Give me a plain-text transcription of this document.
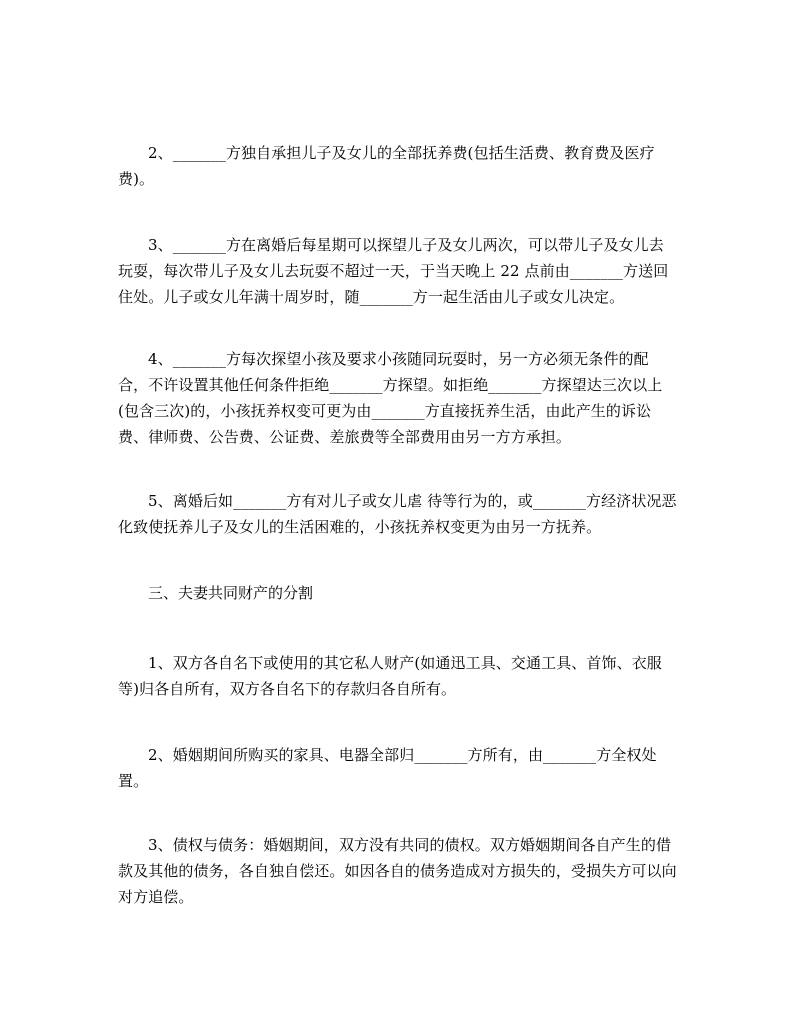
2、_______方独自承担儿子及女儿的全部抚养费(包括生活费、教育费及医疗费)。

3、_______方在离婚后每星期可以探望儿子及女儿两次，可以带儿子及女儿去玩耍，每次带儿子及女儿去玩耍不超过一天，于当天晚上 22 点前由_______方送回住处。儿子或女儿年满十周岁时，随_______方一起生活由儿子或女儿决定。

4、_______方每次探望小孩及要求小孩随同玩耍时，另一方必须无条件的配合，不许设置其他任何条件拒绝_______方探望。如拒绝_______方探望达三次以上(包含三次)的，小孩抚养权变可更为由_______方直接抚养生活，由此产生的诉讼费、律师费、公告费、公证费、差旅费等全部费用由另一方方承担。

5、离婚后如_______方有对儿子或女儿虐 待等行为的，或_______方经济状况恶化致使抚养儿子及女儿的生活困难的，小孩抚养权变更为由另一方抚养。

三、夫妻共同财产的分割

1、双方各自名下或使用的其它私人财产(如通迅工具、交通工具、首饰、衣服等)归各自所有，双方各自名下的存款归各自所有。

2、婚姻期间所购买的家具、电器全部归_______方所有，由_______方全权处置。

3、债权与债务：婚姻期间，双方没有共同的债权。双方婚姻期间各自产生的借款及其他的债务，各自独自偿还。如因各自的债务造成对方损失的，受损失方可以向对方追偿。
